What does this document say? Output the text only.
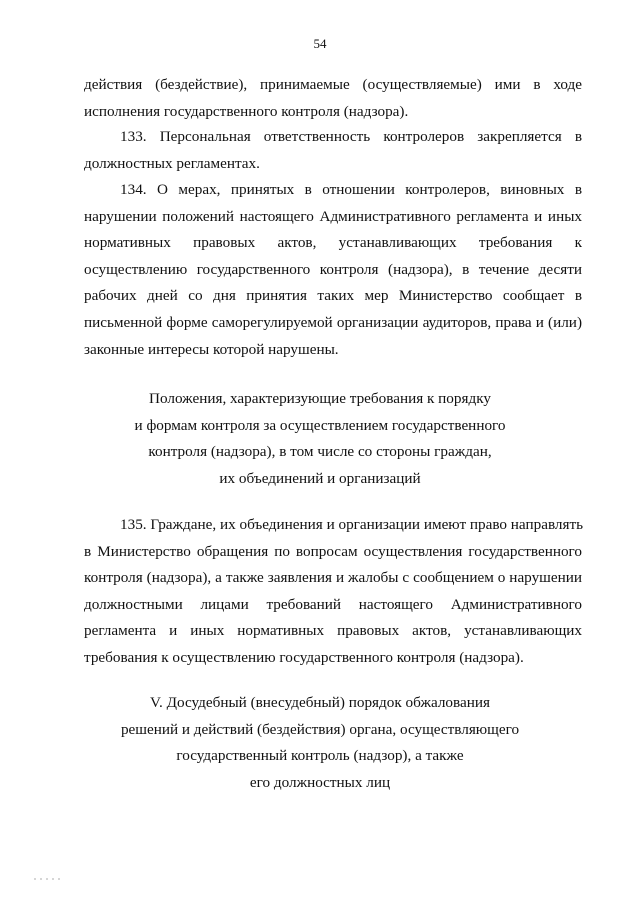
54
действия (бездействие), принимаемые (осуществляемые) ими в ходе
исполнения государственного контроля (надзора).
133. Персональная ответственность контролеров закрепляется в
должностных регламентах.
134. О мерах, принятых в отношении контролеров, виновных в
нарушении положений настоящего Административного регламента и иных
нормативных правовых актов, устанавливающих требования к
осуществлению государственного контроля (надзора), в течение десяти
рабочих дней со дня принятия таких мер Министерство сообщает в
письменной форме саморегулируемой организации аудиторов, права и (или)
законные интересы которой нарушены.
Положения, характеризующие требования к порядку
и формам контроля за осуществлением государственного
контроля (надзора), в том числе со стороны граждан,
их объединений и организаций
135. Граждане, их объединения и организации имеют право направлять
в Министерство обращения по вопросам осуществления государственного
контроля (надзора), а также заявления и жалобы с сообщением о нарушении
должностными лицами требований настоящего Административного
регламента и иных нормативных правовых актов, устанавливающих
требования к осуществлению государственного контроля (надзора).
V. Досудебный (внесудебный) порядок обжалования
решений и действий (бездействия) органа, осуществляющего
государственный контроль (надзор), а также
его должностных лиц
